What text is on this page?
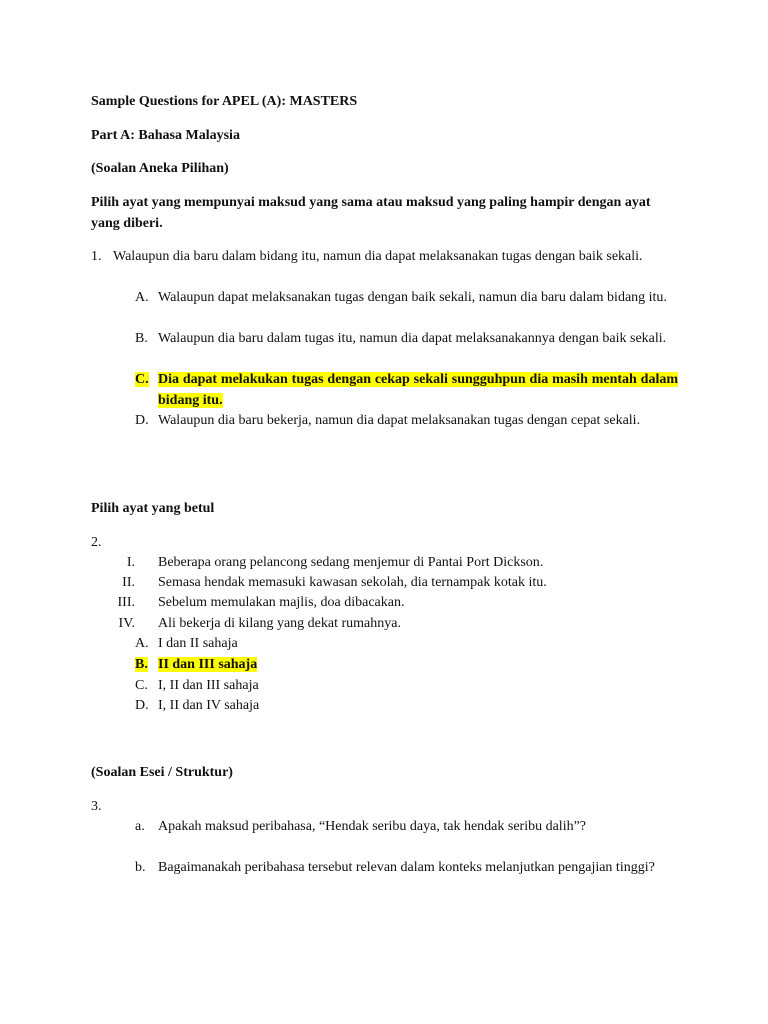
Sample Questions for APEL (A): MASTERS
Part A: Bahasa Malaysia
(Soalan Aneka Pilihan)
Pilih ayat yang mempunyai maksud yang sama atau maksud yang paling hampir dengan ayat yang diberi.
1. Walaupun dia baru dalam bidang itu, namun dia dapat melaksanakan tugas dengan baik sekali.
A. Walaupun dapat melaksanakan tugas dengan baik sekali, namun dia baru dalam bidang itu.
B. Walaupun dia baru dalam tugas itu, namun dia dapat melaksanakannya dengan baik sekali.
C. Dia dapat melakukan tugas dengan cekap sekali sungguhpun dia masih mentah dalam bidang itu.
D. Walaupun dia baru bekerja, namun dia dapat melaksanakan tugas dengan cepat sekali.
Pilih ayat yang betul
2.
I. Beberapa orang pelancong sedang menjemur di Pantai Port Dickson.
II. Semasa hendak memasuki kawasan sekolah, dia ternampak kotak itu.
III. Sebelum memulakan majlis, doa dibacakan.
IV. Ali bekerja di kilang yang dekat rumahnya.
A. I dan II sahaja
B. II dan III sahaja
C. I, II dan III sahaja
D. I, II dan IV sahaja
(Soalan Esei / Struktur)
3.
a. Apakah maksud peribahasa, “Hendak seribu daya, tak hendak seribu dalih”?
b. Bagaimanakah peribahasa tersebut relevan dalam konteks melanjutkan pengajian tinggi?
